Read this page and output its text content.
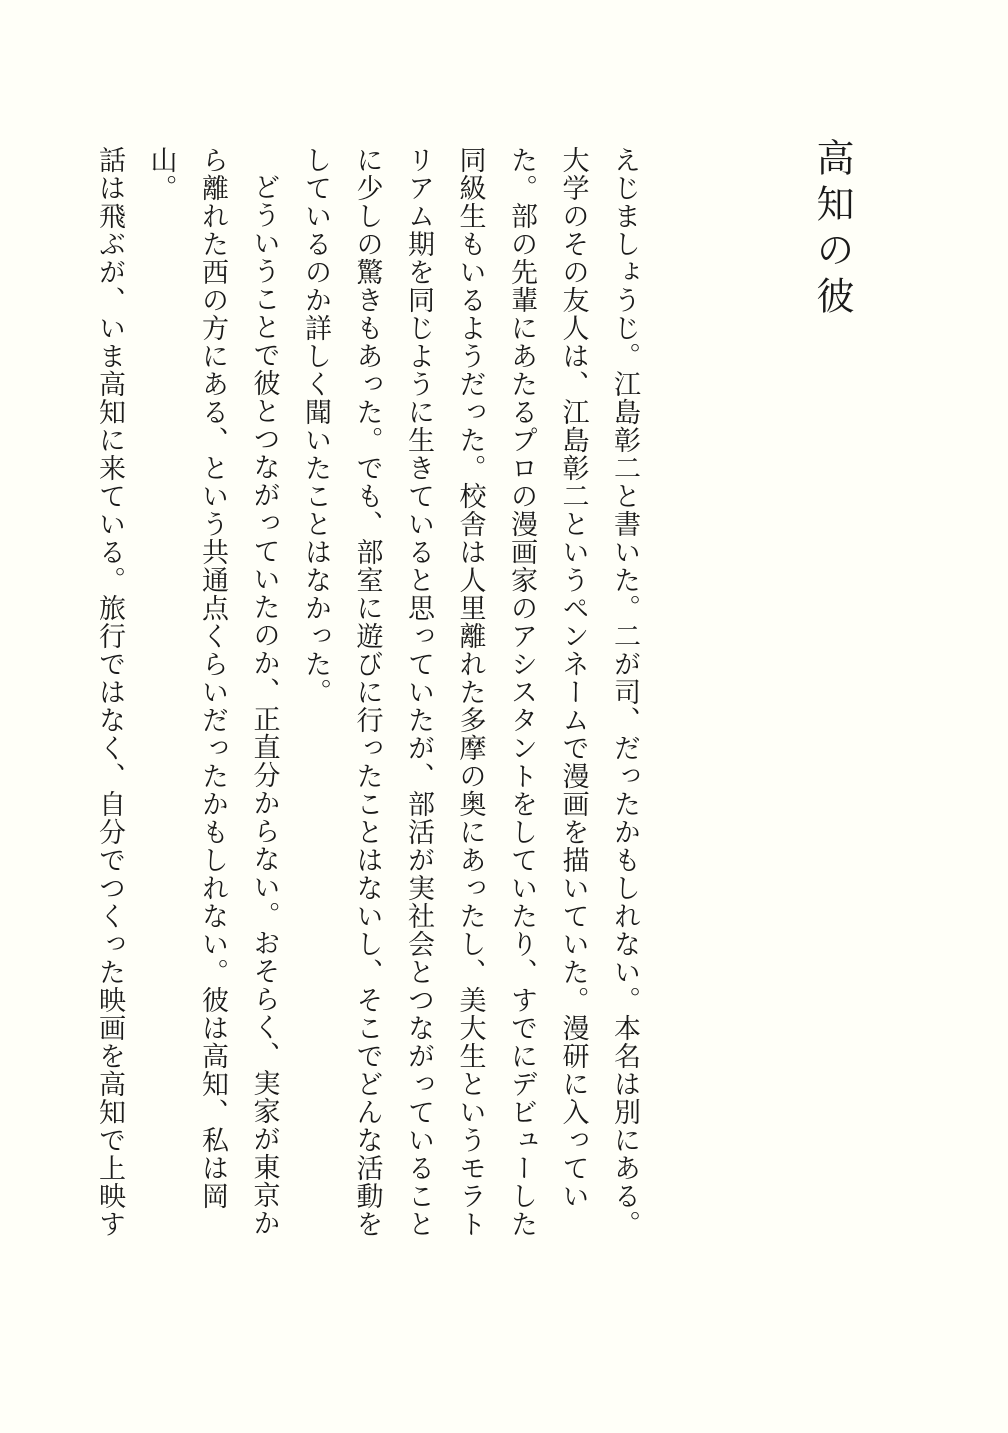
高知の彼

えじましょうじ。江島彰二と書いた。二が司、だったかもしれない。本名は別にある。大学のその友人は、江島彰二というペンネームで漫画を描いていた。漫研に入っていた。部の先輩にあたるプロの漫画家のアシスタントをしていたり、すでにデビューした同級生もいるようだった。校舎は人里離れた多摩の奥にあったし、美大生というモラトリアム期を同じように生きていると思っていたが、部活が実社会とつながっていることに少しの驚きもあった。でも、部室に遊びに行ったことはないし、そこでどんな活動をしているのか詳しく聞いたことはなかった。

どういうことで彼とつながっていたのか、正直分からない。おそらく、実家が東京から離れた西の方にある、という共通点くらいだったかもしれない。彼は高知、私は岡山。

話は飛ぶが、いま高知に来ている。旅行ではなく、自分でつくった映画を高知で上映す
